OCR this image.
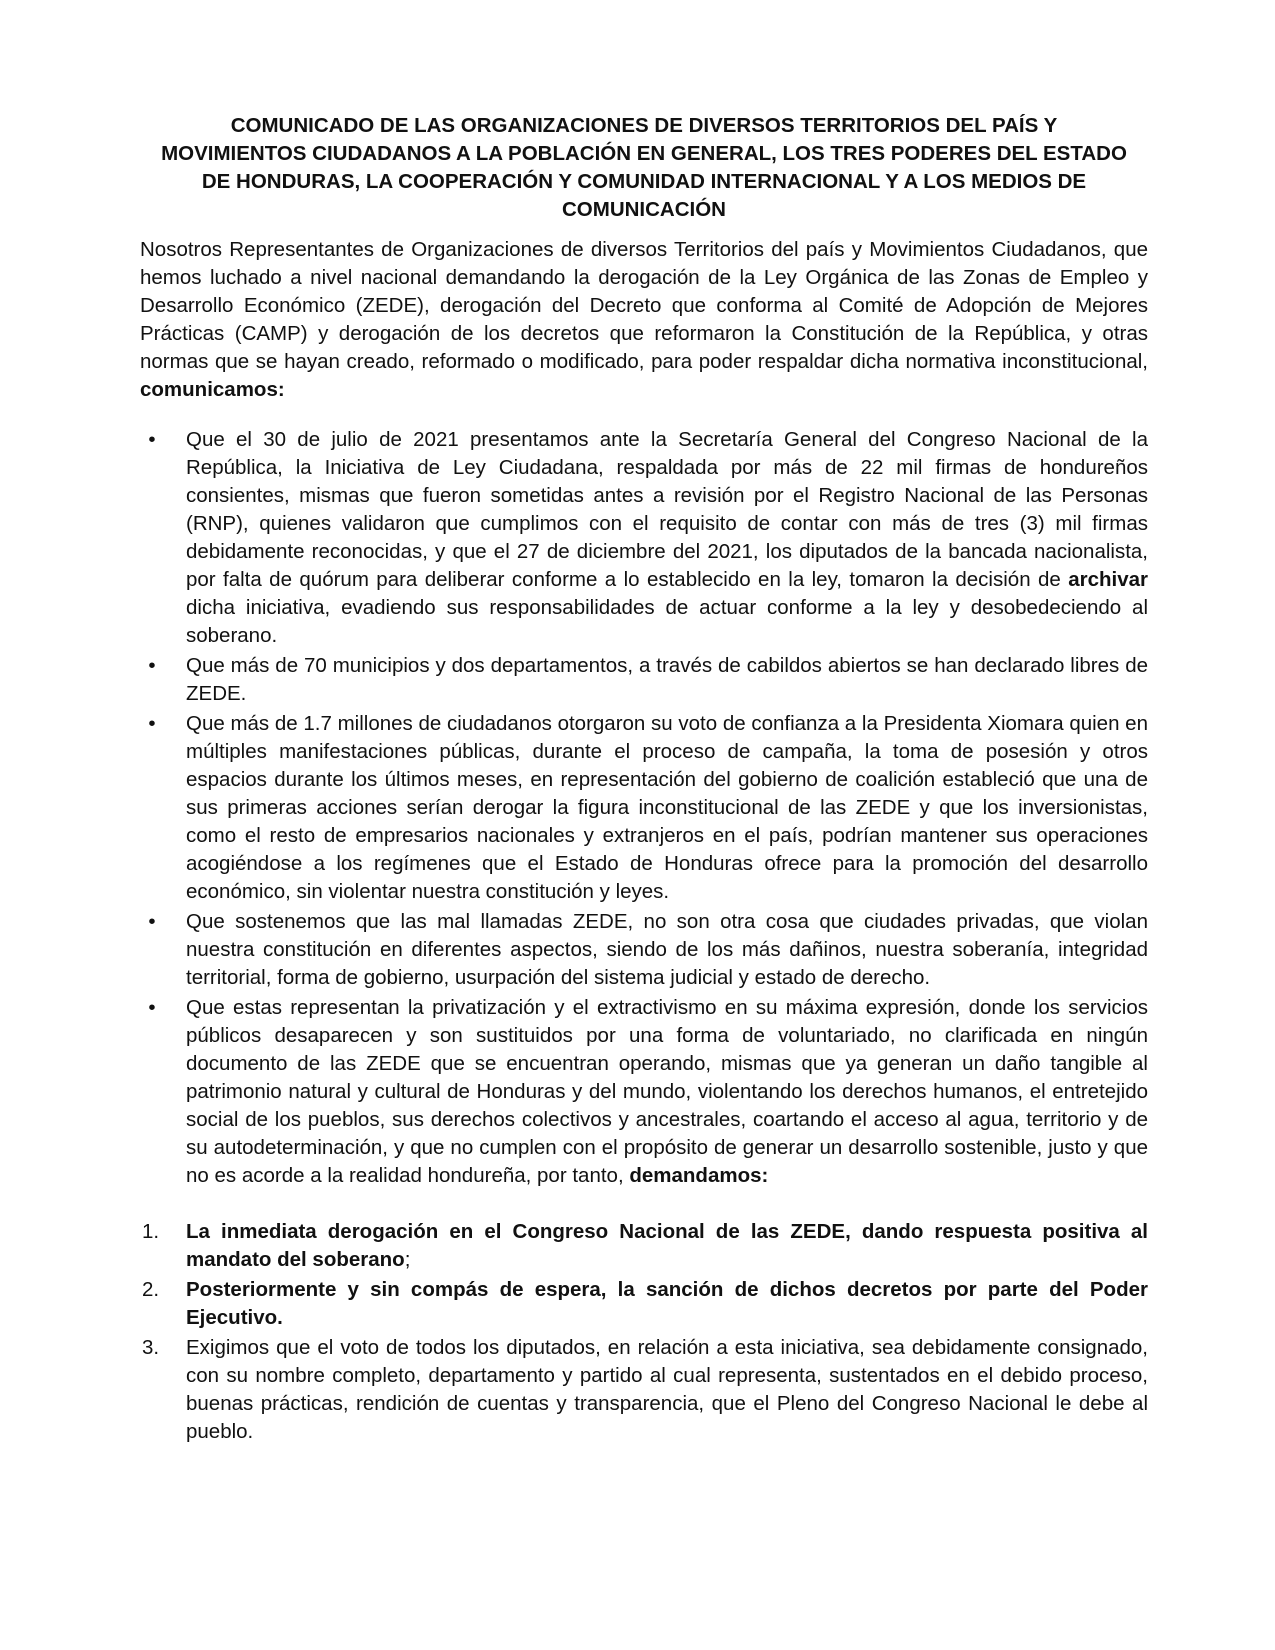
COMUNICADO DE LAS ORGANIZACIONES DE DIVERSOS TERRITORIOS DEL PAÍS Y MOVIMIENTOS CIUDADANOS A LA POBLACIÓN EN GENERAL, LOS TRES PODERES DEL ESTADO DE HONDURAS, LA COOPERACIÓN Y COMUNIDAD INTERNACIONAL Y A LOS MEDIOS DE COMUNICACIÓN

Nosotros Representantes de Organizaciones de diversos Territorios del país y Movimientos Ciudadanos, que hemos luchado a nivel nacional demandando la derogación de la Ley Orgánica de las Zonas de Empleo y Desarrollo Económico (ZEDE), derogación del Decreto que conforma al Comité de Adopción de Mejores Prácticas (CAMP) y derogación de los decretos que reformaron la Constitución de la República, y otras normas que se hayan creado, reformado o modificado, para poder respaldar dicha normativa inconstitucional, comunicamos:

• Que el 30 de julio de 2021 presentamos ante la Secretaría General del Congreso Nacional de la República, la Iniciativa de Ley Ciudadana, respaldada por más de 22 mil firmas de hondureños consientes, mismas que fueron sometidas antes a revisión por el Registro Nacional de las Personas (RNP), quienes validaron que cumplimos con el requisito de contar con más de tres (3) mil firmas debidamente reconocidas, y que el 27 de diciembre del 2021, los diputados de la bancada nacionalista, por falta de quórum para deliberar conforme a lo establecido en la ley, tomaron la decisión de archivar dicha iniciativa, evadiendo sus responsabilidades de actuar conforme a la ley y desobedeciendo al soberano.
• Que más de 70 municipios y dos departamentos, a través de cabildos abiertos se han declarado libres de ZEDE.
• Que más de 1.7 millones de ciudadanos otorgaron su voto de confianza a la Presidenta Xiomara quien en múltiples manifestaciones públicas, durante el proceso de campaña, la toma de posesión y otros espacios durante los últimos meses, en representación del gobierno de coalición estableció que una de sus primeras acciones serían derogar la figura inconstitucional de las ZEDE y que los inversionistas, como el resto de empresarios nacionales y extranjeros en el país, podrían mantener sus operaciones acogiéndose a los regímenes que el Estado de Honduras ofrece para la promoción del desarrollo económico, sin violentar nuestra constitución y leyes.
• Que sostenemos que las mal llamadas ZEDE, no son otra cosa que ciudades privadas, que violan nuestra constitución en diferentes aspectos, siendo de los más dañinos, nuestra soberanía, integridad territorial, forma de gobierno, usurpación del sistema judicial y estado de derecho.
• Que estas representan la privatización y el extractivismo en su máxima expresión, donde los servicios públicos desaparecen y son sustituidos por una forma de voluntariado, no clarificada en ningún documento de las ZEDE que se encuentran operando, mismas que ya generan un daño tangible al patrimonio natural y cultural de Honduras y del mundo, violentando los derechos humanos, el entretejido social de los pueblos, sus derechos colectivos y ancestrales, coartando el acceso al agua, territorio y de su autodeterminación, y que no cumplen con el propósito de generar un desarrollo sostenible, justo y que no es acorde a la realidad hondureña, por tanto, demandamos:
1. La inmediata derogación en el Congreso Nacional de las ZEDE, dando respuesta positiva al mandato del soberano;
2. Posteriormente y sin compás de espera, la sanción de dichos decretos por parte del Poder Ejecutivo.
3. Exigimos que el voto de todos los diputados, en relación a esta iniciativa, sea debidamente consignado, con su nombre completo, departamento y partido al cual representa, sustentados en el debido proceso, buenas prácticas, rendición de cuentas y transparencia, que el Pleno del Congreso Nacional le debe al pueblo.
